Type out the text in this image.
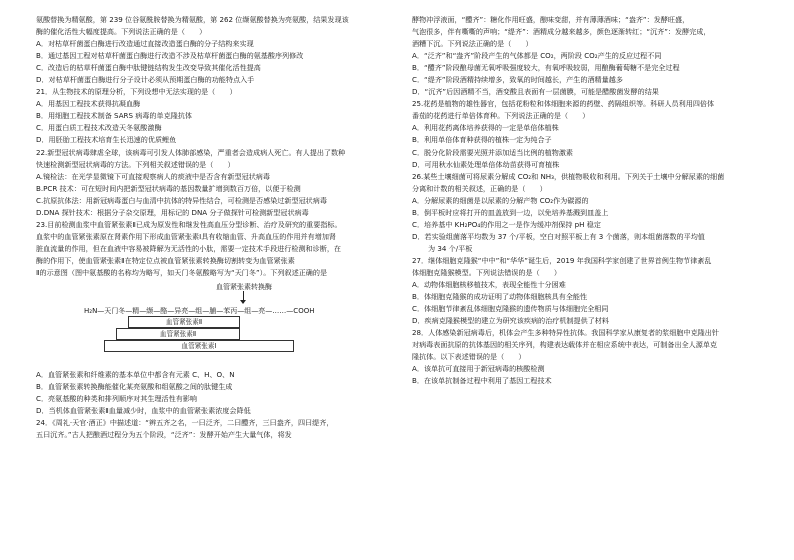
氨酸替换为精氨酸，第 239 位谷氨酰胺替换为精氨酸，第 262 位缬氨酸替换为亮氨酸，结果发现该
酶的催化活性大幅度提高。下列说法正确的是（　　）
A．对枯草杆菌蛋白酶进行改造通过直接改造蛋白酶的分子结构来实现
B．通过基因工程对枯草杆菌蛋白酶进行改造不涉及枯草杆菌蛋白酶的氨基酸序列修改
C．改造后的枯草杆菌蛋白酶中肽键链结构发生改变导致其催化活性提高
D．对枯草杆菌蛋白酶进行分子设计必须从预期蛋白酶的功能特点入手
21．从生物技术的原理分析，下列设想中无法实现的是（　　）
A．用基因工程技术获得抗凝血酶
B．用细胞工程技术制备 SARS 病毒的单克隆抗体
C．用蛋白质工程技术改造天冬氨酸激酶
D．用胚胎工程技术培育生长迅速的优质鲤鱼
22.新型冠状病毒肆虐全球，该病毒可引发人体肺部感染，严重者会造成病人死亡。有人提出了数种
快速检测新型冠状病毒的方法。下列相关叙述错误的是（　　）
A.镜检法：在光学显微镜下可直接观察病人的痰液中是否含有新型冠状病毒
B.PCR 技术：可在短时间内把新型冠状病毒的基因数量扩增到数百万倍，以便于检测
C.抗原抗体法：用新冠病毒蛋白与血清中抗体的特异性结合，可检测是否感染过新型冠状病毒
D.DNA 探针技术：根据分子杂交原理，用标记的 DNA 分子做探针可检测新型冠状病毒
23.目前检测血浆中血管紧张素Ⅱ已成为原发性和继发性高血压分型诊断、治疗及研究的重要指标。
血浆中的血管紧张素原在肾素作用下形成血管紧张素Ⅰ具有收缩血管、升高血压的作用并有增加肾
脏血流量的作用，但在血液中容易被降解为无活性的小肽，需要一定技术手段进行检测和诊断，在
酶的作用下，使血管紧张素Ⅱ在特定位点被血管紧张素转换酶切割转变为血管紧张素
Ⅱ的示意图（图中氨基酸的名称均为略写，如天门冬氨酸略写为“天门冬”）。下列叙述正确的是
血管紧张素转换酶
H₂N—天门冬—精—缬—酪—异亮—组—脯—苯丙—组—亮—……—COOH
血管紧张素Ⅱ
血管紧张素Ⅱ
血管紧张素Ⅰ
A．血管紧张素和纤维素的基本单位中都含有元素 C、H、O、N
B．血管紧张素转换酶能催化某亮氨酸和组氨酸之间的肽键生成
C．亮氨基酸的种类和排列顺序对其生理活性有影响
D．当机体血管紧张素Ⅱ血量减少时，血浆中的血管紧张素浓度会降低
24．《周礼·天官·酒正》中描述道：“辨五齐之名，一曰泛齐，二曰醴齐，三曰盎齐，四曰缇齐，
五曰沉齐。”古人把酿酒过程分为五个阶段，“泛齐”：发酵开始产生大量气体，将发
酵物冲浮液面，“醴齐”：糖化作用旺盛，酿味变甜，并有薄薄酒味；“盎齐”：发酵旺盛，
气泡很多，伴有嘶嘶的声响；“缇齐”：酒精成分越来越多，颜色逐渐转红；“沉齐”：发酵完成，
酒糟下沉。下列说法正确的是（　　）
A．“泛齐”和“盎齐”阶段产生的气体都是 CO₂，两阶段 CO₂产生的反应过程不同
B．“醴齐”阶段酿母菌无氧呼吸强度较大，有氧呼吸较弱，用酿酶葡萄糖不是完全过程
C．“缇齐”阶段酒精持续增多，致氧的时间越长，产生的酒精量越多
D．“沉齐”后因酒精不当，酒变酸且表面有一层菌膜，可能是醋酸菌发酵的结果
25.花药是植物的雄性器官，包括花粉粒和体细胞来源的药壁、药隔组织等。科研人员利用四倍体
番茄的花药进行单倍体育种。下列说法正确的是（　　）
A．利用花药离体培养获得的一定是单倍体植株
B．利用单倍体育种获得的植株一定为纯合子
C．脱分化阶段需要光照并添加适当比例的植物激素
D．可用秋水仙素处理单倍体幼苗获得可育植株
26.某些土壤细菌可将尿素分解成 CO₂和 NH₃，供植物吸收和利用。下列关于土壤中分解尿素的细菌
分离和计数的相关叙述，正确的是（　　）
A．分解尿素的细菌是以尿素的分解产物 CO₂作为碳源的
B．倒平板时应将打开的皿盖放到一边，以免培养基溅到皿盖上
C．培养基中 KH₂PO₄的作用之一是作为缓冲剂保持 pH 稳定
D．若实验组菌落平均数为 37 个/平板，空白对照平板上有 3 个菌落，则本组菌落数的平均值
为 34 个/平板
27．继体细胞克隆猴“中中”和“华华”诞生后，2019 年我国科学家创建了世界首例生物节律紊乱
体细胞克隆猴模型。下列说法错误的是（　　）
A．动物体细胞核移植技术，表现全能性十分困难
B．体细胞克隆猴的成功证明了动物体细胞核具有全能性
C．体细胞节律紊乱体细胞克隆猴的遗传物质与体细胞完全相同
D．疾病克隆猴模型的建立为研究该疾病的治疗机制提供了材料
28．人体感染新冠病毒后，机体会产生多种特异性抗体。我国科学家从康复者的浆细胞中克隆出针
对病毒表面抗原的抗体基因的相关序列，构建表达载体并在相应系统中表达，可制备出全人源单克
隆抗体。以下表述错误的是（　　）
A．该单抗可直接用于新冠病毒的核酸检测
B．在该单抗制备过程中利用了基因工程技术
